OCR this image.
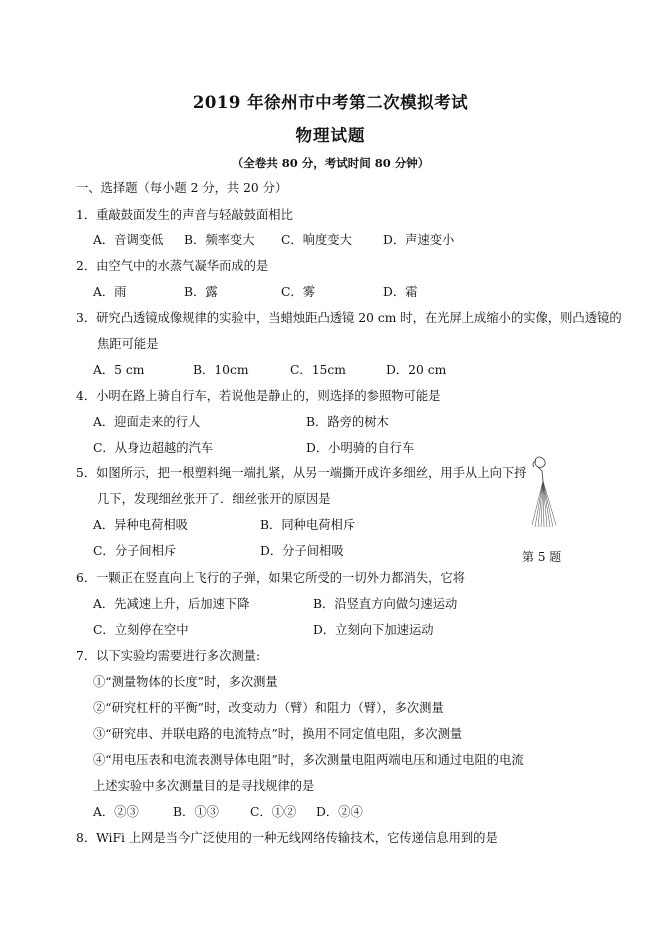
2019 年徐州市中考第二次模拟考试
物理试题
（全卷共 80 分，考试时间 80 分钟）
一、选择题（每小题 2 分，共 20 分）
1．重敲鼓面发生的声音与轻敲鼓面相比
A．音调变低 B．频率变大 C．响度变大	D．声速变小
2．由空气中的水蒸气凝华而成的是
A．雨	B．露	C．雾	D．霜
3．研究凸透镜成像规律的实验中，当蜡烛距凸透镜 20 cm 时，在光屏上成缩小的实像，则凸透镜的
焦距可能是
A．5 cm	B．10cm	C．15cm	D．20 cm
4．小明在路上骑自行车，若说他是静止的，则选择的参照物可能是
A．迎面走来的行人	B．路旁的树木
C．从身边超越的汽车	D．小明骑的自行车
5．如图所示，把一根塑料绳一端扎紧，从另一端撕开成许多细丝，用手从上向下捋
几下，发现细丝张开了．细丝张开的原因是
A．异种电荷相吸	B．同种电荷相斥
C．分子间相斥	D．分子间相吸	第 5 题
6．一颗正在竖直向上飞行的子弹，如果它所受的一切外力都消失，它将
A．先减速上升，后加速下降	B．沿竖直方向做匀速运动
C．立刻停在空中	D．立刻向下加速运动
7．以下实验均需要进行多次测量:
①“测量物体的长度”时，多次测量
②“研究杠杆的平衡”时，改变动力（臂）和阻力（臂），多次测量
③“研究串、并联电路的电流特点”时，换用不同定值电阻，多次测量
④“用电压表和电流表测导体电阻”时，多次测量电阻两端电压和通过电阻的电流
上述实验中多次测量目的是寻找规律的是
A．②③	B．①③	C．①② D．②④
8．WiFi 上网是当今广泛使用的一种无线网络传输技术，它传递信息用到的是
